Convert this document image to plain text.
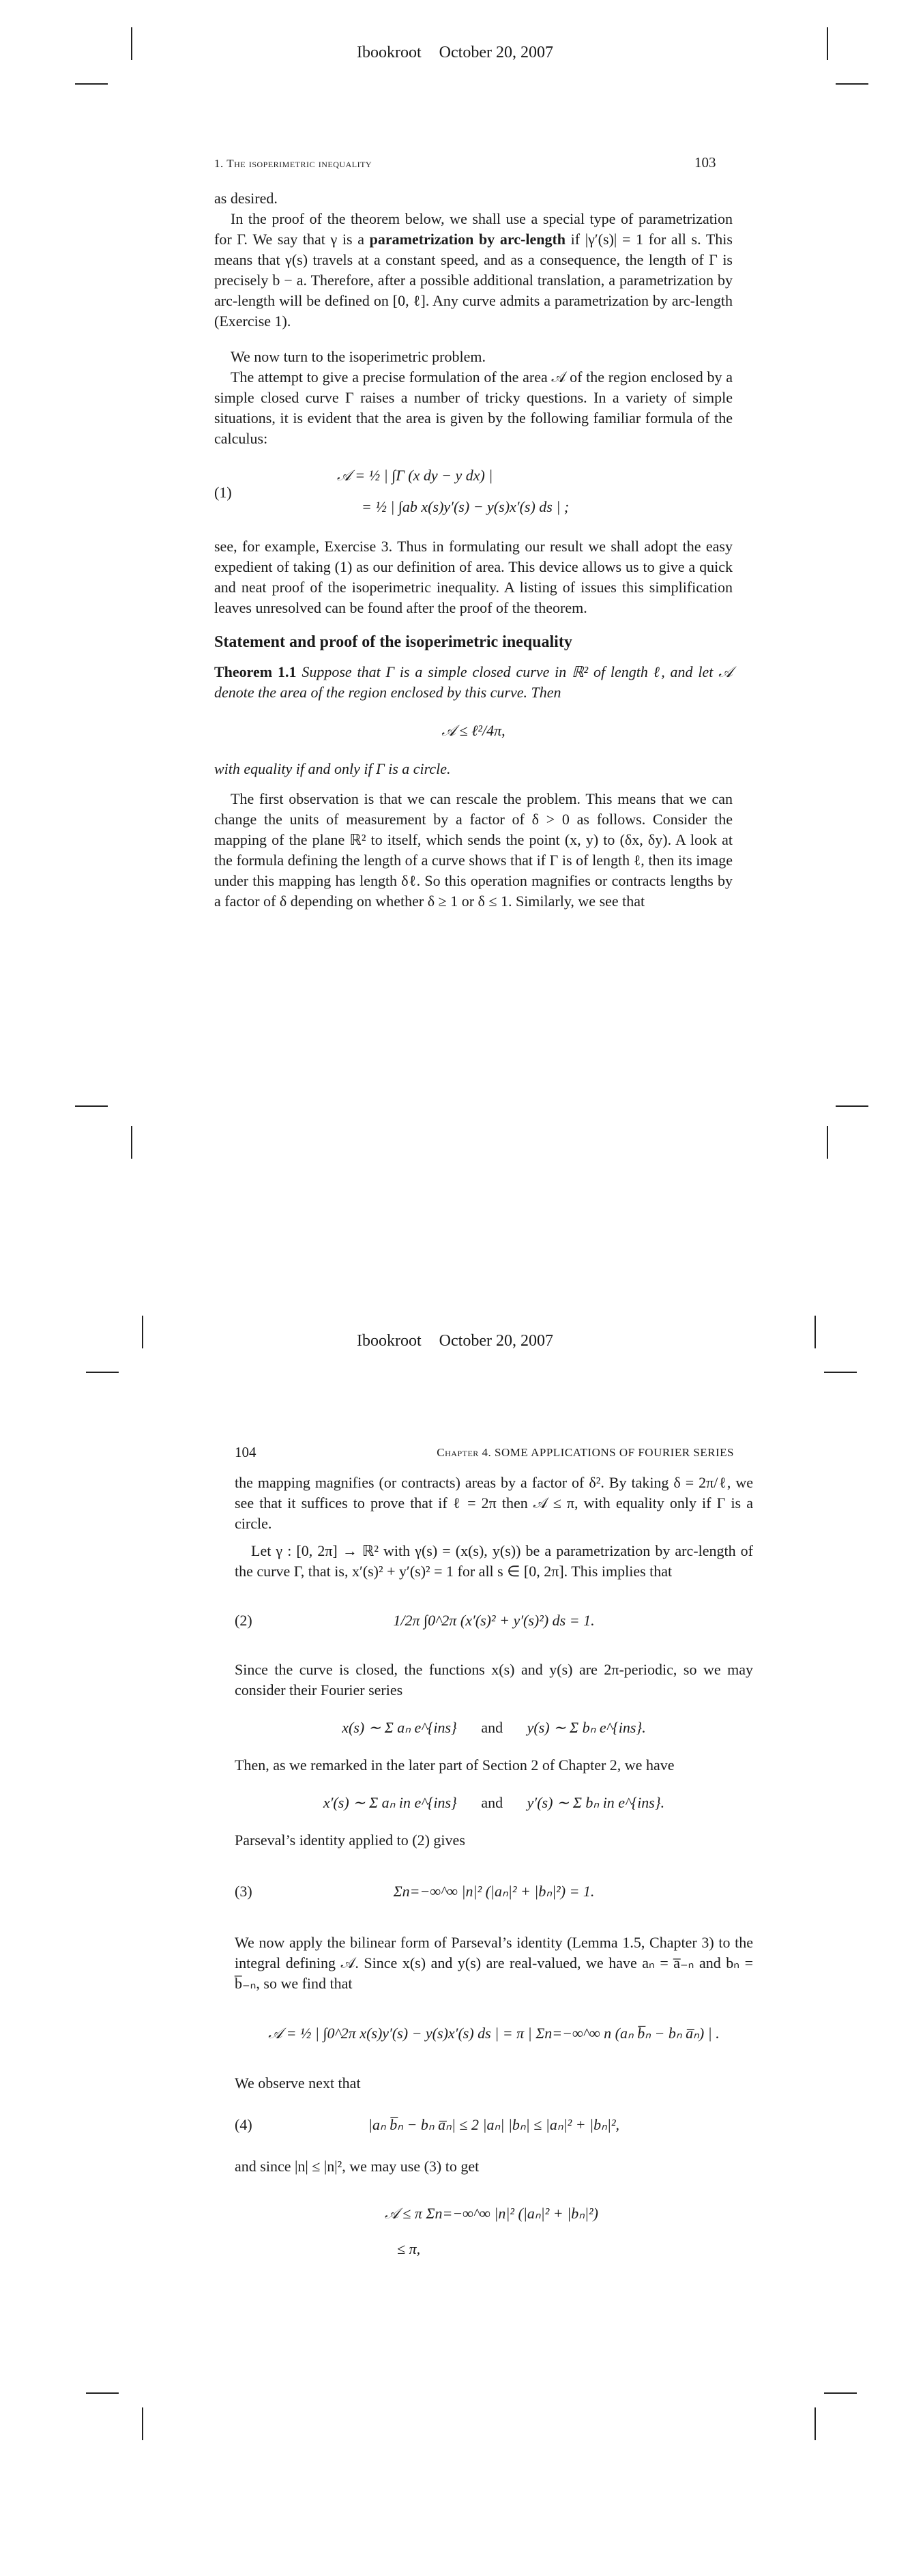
Ibookroot October 20, 2007
1. The isoperimetric inequality	103

as desired.

In the proof of the theorem below, we shall use a special type of parametrization for Γ. We say that γ is a parametrization by arc-length if |γ′(s)| = 1 for all s. This means that γ(s) travels at a constant speed, and as a consequence, the length of Γ is precisely b − a. Therefore, after a possible additional translation, a parametrization by arc-length will be defined on [0, ℓ]. Any curve admits a parametrization by arc-length (Exercise 1).

We now turn to the isoperimetric problem.

The attempt to give a precise formulation of the area 𝒜 of the region enclosed by a simple closed curve Γ raises a number of tricky questions. In a variety of simple situations, it is evident that the area is given by the following familiar formula of the calculus:

(1)
𝒜 = ½ | ∫Γ (x dy − y dx) |
= ½ | ∫ab x(s)y′(s) − y(s)x′(s) ds | ;

see, for example, Exercise 3. Thus in formulating our result we shall adopt the easy expedient of taking (1) as our definition of area. This device allows us to give a quick and neat proof of the isoperimetric inequality. A listing of issues this simplification leaves unresolved can be found after the proof of the theorem.

Statement and proof of the isoperimetric inequality

Theorem 1.1 Suppose that Γ is a simple closed curve in ℝ² of length ℓ, and let 𝒜 denote the area of the region enclosed by this curve. Then

𝒜 ≤ ℓ²/4π,

with equality if and only if Γ is a circle.

The first observation is that we can rescale the problem. This means that we can change the units of measurement by a factor of δ > 0 as follows. Consider the mapping of the plane ℝ² to itself, which sends the point (x, y) to (δx, δy). A look at the formula defining the length of a curve shows that if Γ is of length ℓ, then its image under this mapping has length δℓ. So this operation magnifies or contracts lengths by a factor of δ depending on whether δ ≥ 1 or δ ≤ 1. Similarly, we see that

Ibookroot October 20, 2007
104	Chapter 4. SOME APPLICATIONS OF FOURIER SERIES

the mapping magnifies (or contracts) areas by a factor of δ². By taking δ = 2π/ℓ, we see that it suffices to prove that if ℓ = 2π then 𝒜 ≤ π, with equality only if Γ is a circle.

Let γ : [0, 2π] → ℝ² with γ(s) = (x(s), y(s)) be a parametrization by arc-length of the curve Γ, that is, x′(s)² + y′(s)² = 1 for all s ∈ [0, 2π]. This implies that

(2)	1/2π ∫0^2π (x′(s)² + y′(s)²) ds = 1.

Since the curve is closed, the functions x(s) and y(s) are 2π-periodic, so we may consider their Fourier series

x(s) ∼ Σ aₙ e^{ins} and y(s) ∼ Σ bₙ e^{ins}.

Then, as we remarked in the later part of Section 2 of Chapter 2, we have

x′(s) ∼ Σ aₙ in e^{ins} and y′(s) ∼ Σ bₙ in e^{ins}.

Parseval’s identity applied to (2) gives

(3)	Σn=−∞^∞ |n|² (|aₙ|² + |bₙ|²) = 1.

We now apply the bilinear form of Parseval’s identity (Lemma 1.5, Chapter 3) to the integral defining 𝒜. Since x(s) and y(s) are real-valued, we have aₙ = a̅₋ₙ and bₙ = b̅₋ₙ, so we find that

𝒜 = ½ | ∫0^2π x(s)y′(s) − y(s)x′(s) ds | = π | Σn=−∞^∞ n (aₙ b̅ₙ − bₙ a̅ₙ) | .

We observe next that

(4)	|aₙ b̅ₙ − bₙ a̅ₙ| ≤ 2 |aₙ| |bₙ| ≤ |aₙ|² + |bₙ|²,

and since |n| ≤ |n|², we may use (3) to get

𝒜 ≤ π Σn=−∞^∞ |n|² (|aₙ|² + |bₙ|²)
≤ π,
